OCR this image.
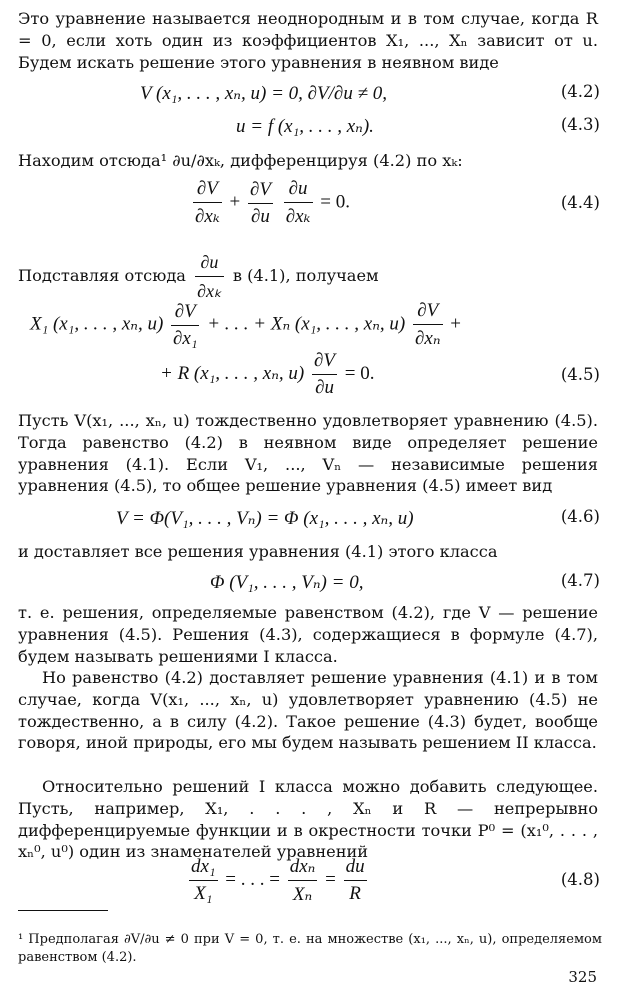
Это уравнение называется неоднородным и в том случае, когда R = 0, если хоть один из коэффициентов X₁, ..., Xₙ зависит от u. Будем искать решение этого уравнения в неявном виде

V (x₁, . . . , xₙ, u) = 0, ∂V/∂u ≠ 0,	(4.2)
u = f (x₁, . . . , xₙ).	(4.3)

Находим отсюда¹ ∂u/∂xₖ, дифференцируя (4.2) по xₖ:

$\frac{\partial V}{\text{∂xₖ}} + \frac{\partial V}{\partial u}$
$\frac{\partial u}{\text{∂xₖ}} = 0$.	(4.4)

Подставляя отсюда $\frac{\partial u}{\text{∂xₖ}}$ в (4.1), получаем

X₁ (x₁, . . . , xₙ, $u) \frac{\partial V}{\text{∂x₁}}$ + . . . + Xₙ (x₁, . . . , xₙ, $u) \frac{\partial V}{\text{∂xₙ}}$ +
+ R (x₁, . . . , xₙ, $u) \frac{\partial V}{\partial u} = 0$.	(4.5)

Пусть V(x₁, ..., xₙ, u) тождественно удовлетворяет уравнению (4.5). Тогда равенство (4.2) в неявном виде определяет решение уравнения (4.1). Если V₁, ..., Vₙ — независимые решения уравнения (4.5), то общее решение уравнения (4.5) имеет вид

V = Φ(V₁, . . . , Vₙ) = Φ (x₁, . . . , xₙ, u)	(4.6)

и доставляет все решения уравнения (4.1) этого класса

Φ (V₁, . . . , Vₙ) = 0,	(4.7)

т. е. решения, определяемые равенством (4.2), где V — решение уравнения (4.5). Решения (4.3), содержащиеся в формуле (4.7), будем называть решениями I класса.

Но равенство (4.2) доставляет решение уравнения (4.1) и в том случае, когда V(x₁, ..., xₙ, u) удовлетворяет уравнению (4.5) не тождественно, а в силу (4.2). Такое решение (4.3) будет, вообще говоря, иной природы, его мы будем называть решением II класса.

Относительно решений I класса можно добавить следующее. Пусть, например, X₁, . . . , Xₙ и R — непрерывно дифференцируемые функции и в окрестности точки P⁰ = (x₁⁰, . . . , xₙ⁰, u⁰) один из знаменателей уравнений

$\frac{\text{dx₁}}{\text{X₁}}$ = . . . = $\frac{\text{dxₙ}}{\text{Xₙ}} = \frac{du}{R}$	(4.8)

¹ Предполагая ∂V/∂u ≠ 0 при V = 0, т. е. на множестве (x₁, ..., xₙ, u), определяемом равенством (4.2).

325
